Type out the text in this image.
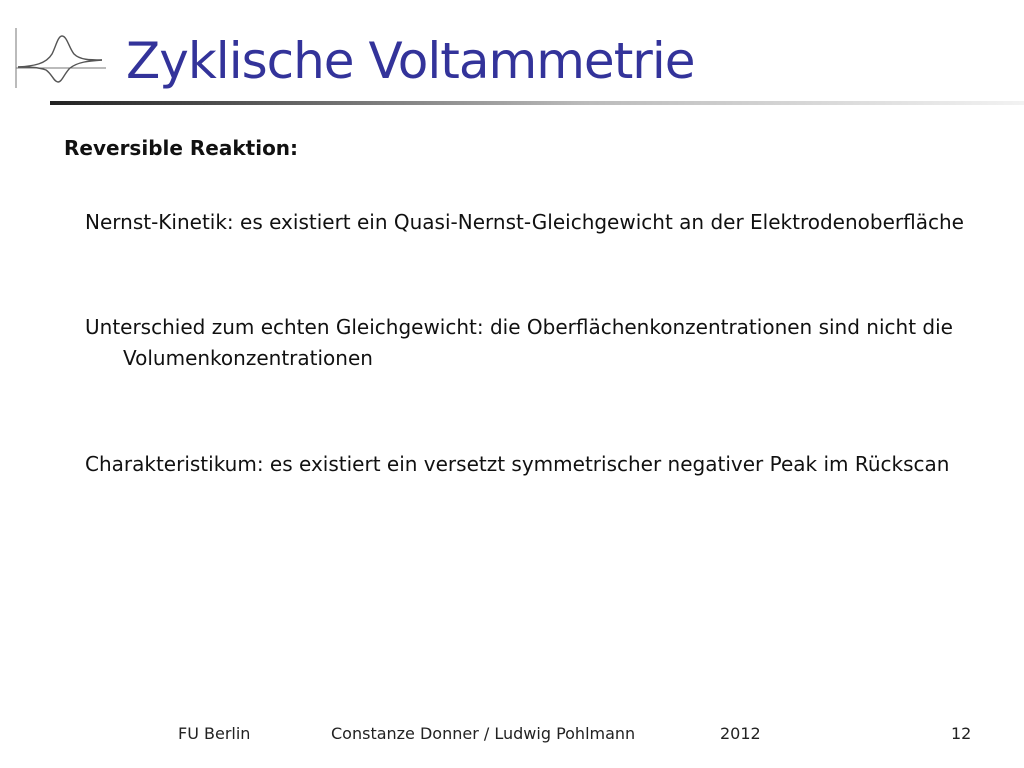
Zyklische Voltammetrie
Reversible Reaktion:
Nernst-Kinetik: es existiert ein Quasi-Nernst-Gleichgewicht an der Elektrodenoberfläche
Unterschied zum echten Gleichgewicht: die Oberflächenkonzentrationen sind nicht die Volumenkonzentrationen
Charakteristikum: es existiert ein versetzt symmetrischer negativer Peak im Rückscan
FU Berlin	Constanze Donner / Ludwig Pohlmann	2012	12
